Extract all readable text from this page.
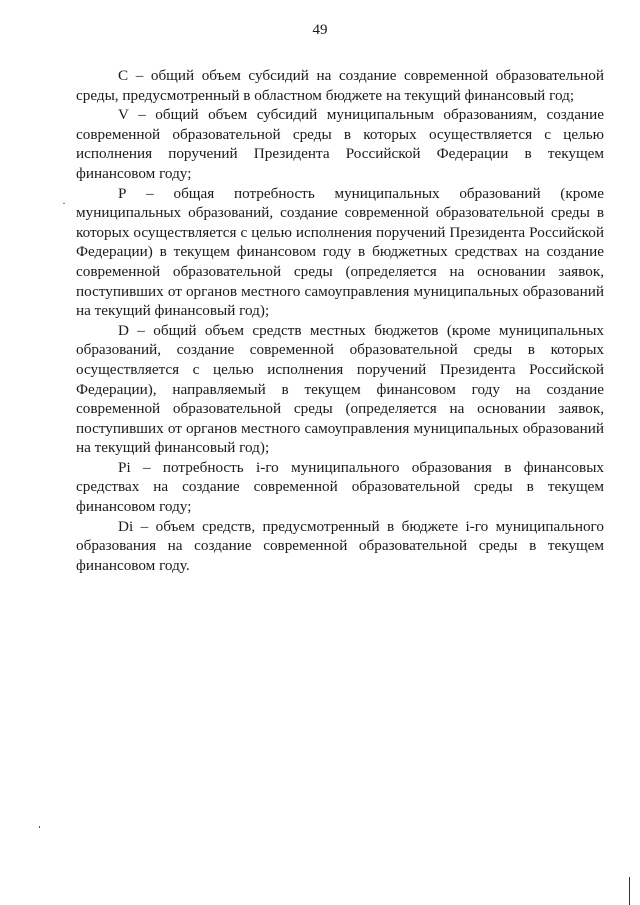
49

С – общий объем субсидий на создание современной образовательной среды, предусмотренный в областном бюджете на текущий финансовый год;

V – общий объем субсидий муниципальным образованиям, создание современной образовательной среды в которых осуществляется с целью исполнения поручений Президента Российской Федерации в текущем финансовом году;

Р – общая потребность муниципальных образований (кроме муниципальных образований, создание современной образовательной среды в которых осуществляется с целью исполнения поручений Президента Российской Федерации) в текущем финансовом году в бюджетных средствах на создание современной образовательной среды (определяется на основании заявок, поступивших от органов местного самоуправления муниципальных образований на текущий финансовый год);

D – общий объем средств местных бюджетов (кроме муниципальных образований, создание современной образовательной среды в которых осуществляется с целью исполнения поручений Президента Российской Федерации), направляемый в текущем финансовом году на создание современной образовательной среды (определяется на основании заявок, поступивших от органов местного самоуправления муниципальных образований на текущий финансовый год);

Pi – потребность i-го муниципального образования в финансовых средствах на создание современной образовательной среды в текущем финансовом году;

Di – объем средств, предусмотренный в бюджете i-го муниципального образования на создание современной образовательной среды в текущем финансовом году.
